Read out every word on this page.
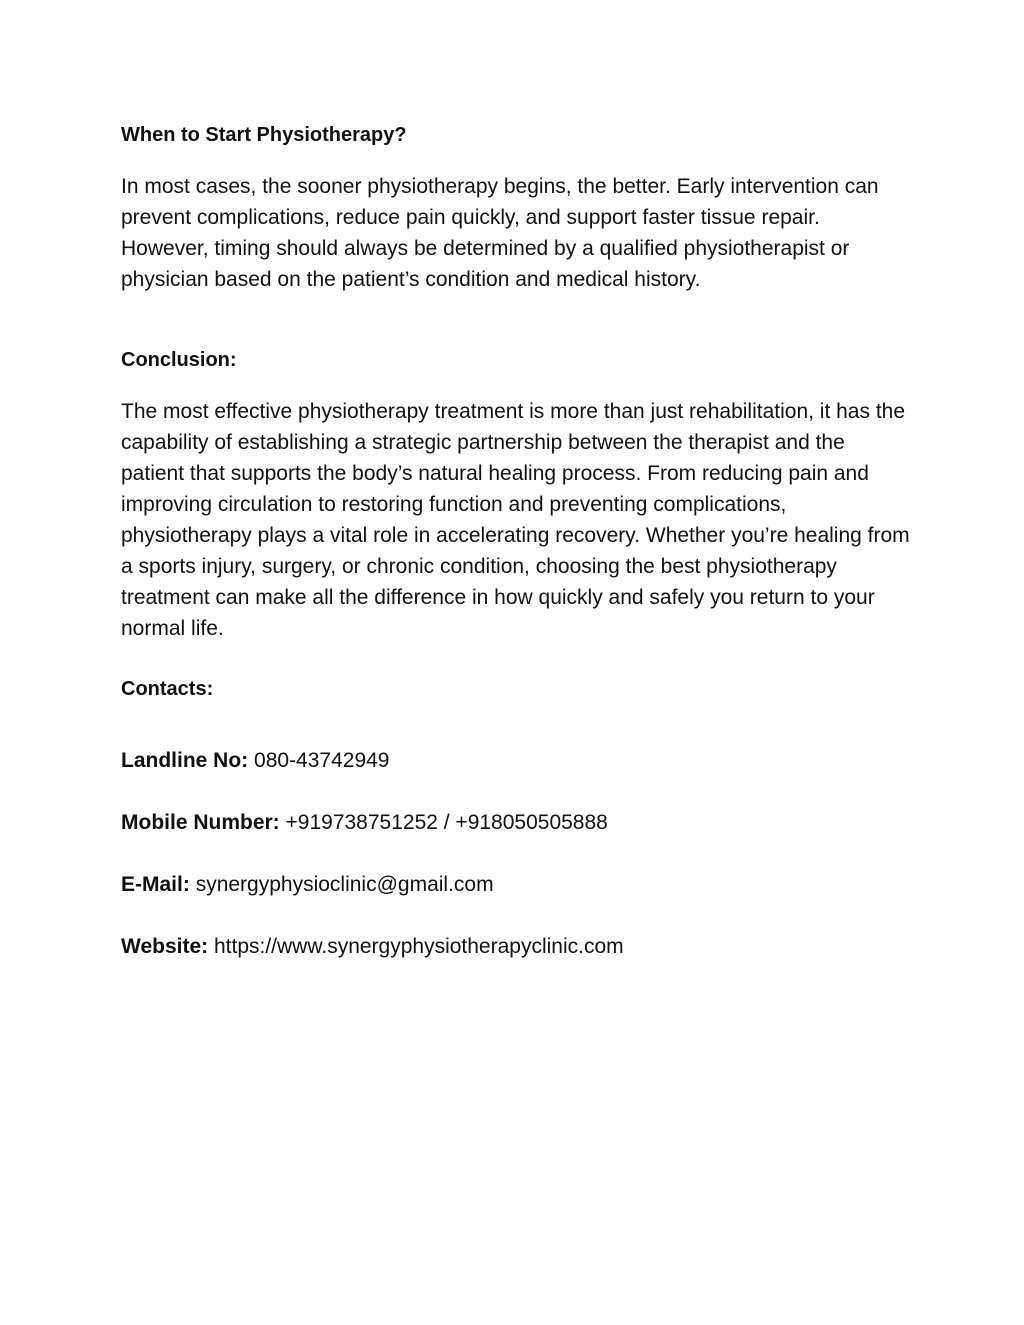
When to Start Physiotherapy?

In most cases, the sooner physiotherapy begins, the better. Early intervention can prevent complications, reduce pain quickly, and support faster tissue repair. However, timing should always be determined by a qualified physiotherapist or physician based on the patient’s condition and medical history.

Conclusion:

The most effective physiotherapy treatment is more than just rehabilitation, it has the capability of establishing a strategic partnership between the therapist and the patient that supports the body’s natural healing process. From reducing pain and improving circulation to restoring function and preventing complications, physiotherapy plays a vital role in accelerating recovery. Whether you’re healing from a sports injury, surgery, or chronic condition, choosing the best physiotherapy treatment can make all the difference in how quickly and safely you return to your normal life.

Contacts:

Landline No: 080-43742949

Mobile Number: +919738751252 / +918050505888

E-Mail: synergyphysioclinic@gmail.com

Website: https://www.synergyphysiotherapyclinic.com
